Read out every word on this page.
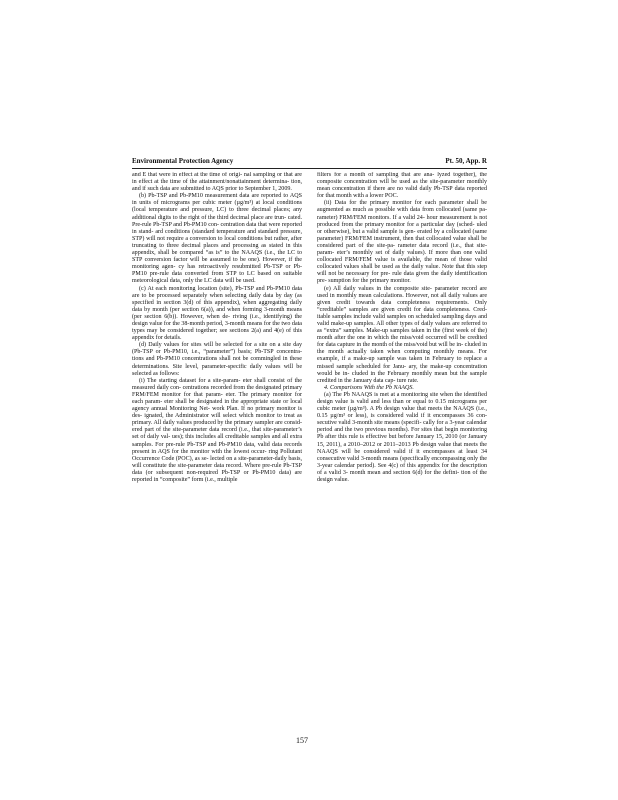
Environmental Protection Agency	Pt. 50, App. R

and E that were in effect at the time of origi- nal sampling or that are in effect at the time of the attainment/nonattainment determina- tion, and if such data are submitted to AQS prior to September 1, 2009.

(b) Pb-TSP and Pb-PM10 measurement data are reported to AQS in units of micrograms per cubic meter (µg/m³) at local conditions (local temperature and pressure, LC) to three decimal places; any additional digits to the right of the third decimal place are trun- cated. Pre-rule Pb-TSP and Pb-PM10 con- centration data that were reported in stand- ard conditions (standard temperature and standard pressure, STP) will not require a conversion to local conditions but rather, after truncating to three decimal places and processing as stated in this appendix, shall be compared “as is” to the NAAQS (i.e., the LC to STP conversion factor will be assumed to be one). However, if the monitoring agen- cy has retroactively resubmitted Pb-TSP or Pb-PM10 pre-rule data converted from STP to LC based on suitable meteorological data, only the LC data will be used.

(c) At each monitoring location (site), Pb-TSP and Pb-PM10 data are to be processed separately when selecting daily data by day (as specified in section 3(d) of this appendix), when aggregating daily data by month (per section 6(a)), and when forming 3-month means (per section 6(b)). However, when de- riving (i.e., identifying) the design value for the 38-month period, 3-month means for the two data types may be considered together; see sections 2(a) and 4(e) of this appendix for details.

(d) Daily values for sites will be selected for a site on a site day (Pb-TSP or Pb-PM10, i.e., “parameter”) basis; Pb-TSP concentra- tions and Pb-PM10 concentrations shall not be commingled in these determinations. Site level, parameter-specific daily values will be selected as follows:

(i) The starting dataset for a site-param- eter shall consist of the measured daily con- centrations recorded from the designated primary FRM/FEM monitor for that param- eter. The primary monitor for each param- eter shall be designated in the appropriate state or local agency annual Monitoring Net- work Plan. If no primary monitor is des- ignated, the Administrator will select which monitor to treat as primary. All daily values produced by the primary sampler are consid- ered part of the site-parameter data record (i.e., that site-parameter’s set of daily val- ues); this includes all creditable samples and all extra samples. For pre-rule Pb-TSP and Pb-PM10 data, valid data records present in AQS for the monitor with the lowest occur- ring Pollutant Occurrence Code (POC), as se- lected on a site-parameter-daily basis, will constitute the site-parameter data record. Where pre-rule Pb-TSP data (or subsequent non-required Pb-TSP or Pb-PM10 data) are reported in “composite” form (i.e., multiple

filters for a month of sampling that are ana- lyzed together), the composite concentration will be used as the site-parameter monthly mean concentration if there are no valid daily Pb-TSP data reported for that month with a lower POC.

(ii) Data for the primary monitor for each parameter shall be augmented as much as possible with data from collocated (same pa- rameter) FRM/FEM monitors. If a valid 24- hour measurement is not produced from the primary monitor for a particular day (sched- uled or otherwise), but a valid sample is gen- erated by a collocated (same parameter) FRM/FEM instrument, then that collocated value shall be considered part of the site-pa- rameter data record (i.e., that site-param- eter’s monthly set of daily values). If more than one valid collocated FRM/FEM value is available, the mean of those valid collocated values shall be used as the daily value. Note that this step will not be necessary for pre- rule data given the daily identification pre- sumption for the primary monitor.

(e) All daily values in the composite site- parameter record are used in monthly mean calculations. However, not all daily values are given credit towards data completeness requirements. Only “creditable” samples are given credit for data completeness. Cred- itable samples include valid samples on scheduled sampling days and valid make-up samples. All other types of daily values are referred to as “extra” samples. Make-up samples taken in the (first week of the) month after the one in which the miss/void occurred will be credited for data capture in the month of the miss/void but will be in- cluded in the month actually taken when computing monthly means. For example, if a make-up sample was taken in February to replace a missed sample scheduled for Janu- ary, the make-up concentration would be in- cluded in the February monthly mean but the sample credited in the January data cap- ture rate.

4. Comparisons With the Pb NAAQS.

(a) The Pb NAAQS is met at a monitoring site when the identified design value is valid and less than or equal to 0.15 micrograms per cubic meter (µg/m³). A Pb design value that meets the NAAQS (i.e., 0.15 µg/m³ or less), is considered valid if it encompasses 36 con- secutive valid 3-month site means (specifi- cally for a 3-year calendar period and the two previous months). For sites that begin monitoring Pb after this rule is effective but before January 15, 2010 (or January 15, 2011), a 2010–2012 or 2011–2013 Pb design value that meets the NAAQS will be considered valid if it encompasses at least 34 consecutive valid 3-month means (specifically encompassing only the 3-year calendar period). See 4(c) of this appendix for the description of a valid 3- month mean and section 6(d) for the defini- tion of the design value.

157
